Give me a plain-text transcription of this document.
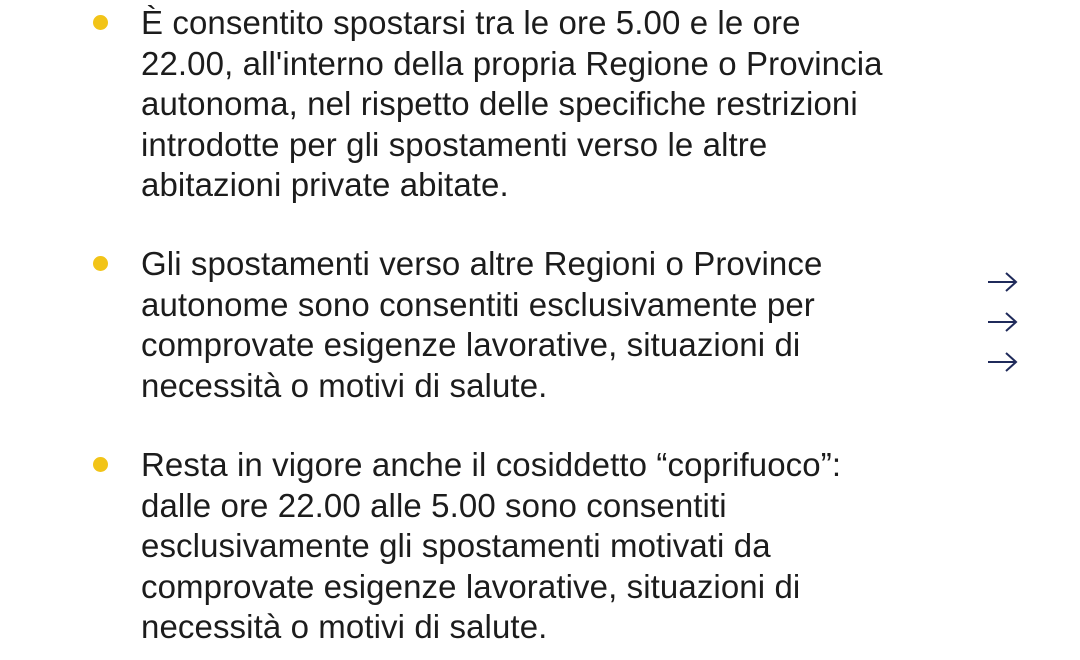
È consentito spostarsi tra le ore 5.00 e le ore
22.00, all'interno della propria Regione o Provincia
autonoma, nel rispetto delle specifiche restrizioni
introdotte per gli spostamenti verso le altre
abitazioni private abitate.
Gli spostamenti verso altre Regioni o Province
autonome sono consentiti esclusivamente per
comprovate esigenze lavorative, situazioni di
necessità o motivi di salute.
Resta in vigore anche il cosiddetto “coprifuoco”:
dalle ore 22.00 alle 5.00 sono consentiti
esclusivamente gli spostamenti motivati da
comprovate esigenze lavorative, situazioni di
necessità o motivi di salute.
